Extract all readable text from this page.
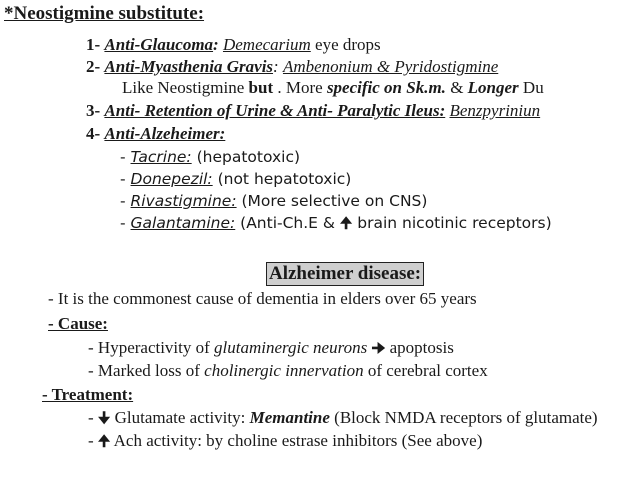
*Neostigmine substitute:
1- Anti-Glaucoma: Demecarium eye drops
2- Anti-Myasthenia Gravis: Ambenonium & Pyridostigmine
Like Neostigmine but . More specific on Sk.m. & Longer Du
3- Anti- Retention of Urine & Anti- Paralytic Ileus: Benzpyriniun
4- Anti-Alzeheimer:
- Tacrine: (hepatotoxic)
- Donepezil: (not hepatotoxic)
- Rivastigmine: (More selective on CNS)
- Galantamine: (Anti-Ch.E & 🠉 brain nicotinic receptors)
Alzheimer disease:
- It is the commonest cause of dementia in elders over 65 years
- Cause:
- Hyperactivity of glutaminergic neurons 🠊 apoptosis
- Marked loss of cholinergic innervation of cerebral cortex
- Treatment:
- 🠋 Glutamate activity: Memantine (Block NMDA receptors of glutamate)
- 🠉 Ach activity: by choline estrase inhibitors (See above)
